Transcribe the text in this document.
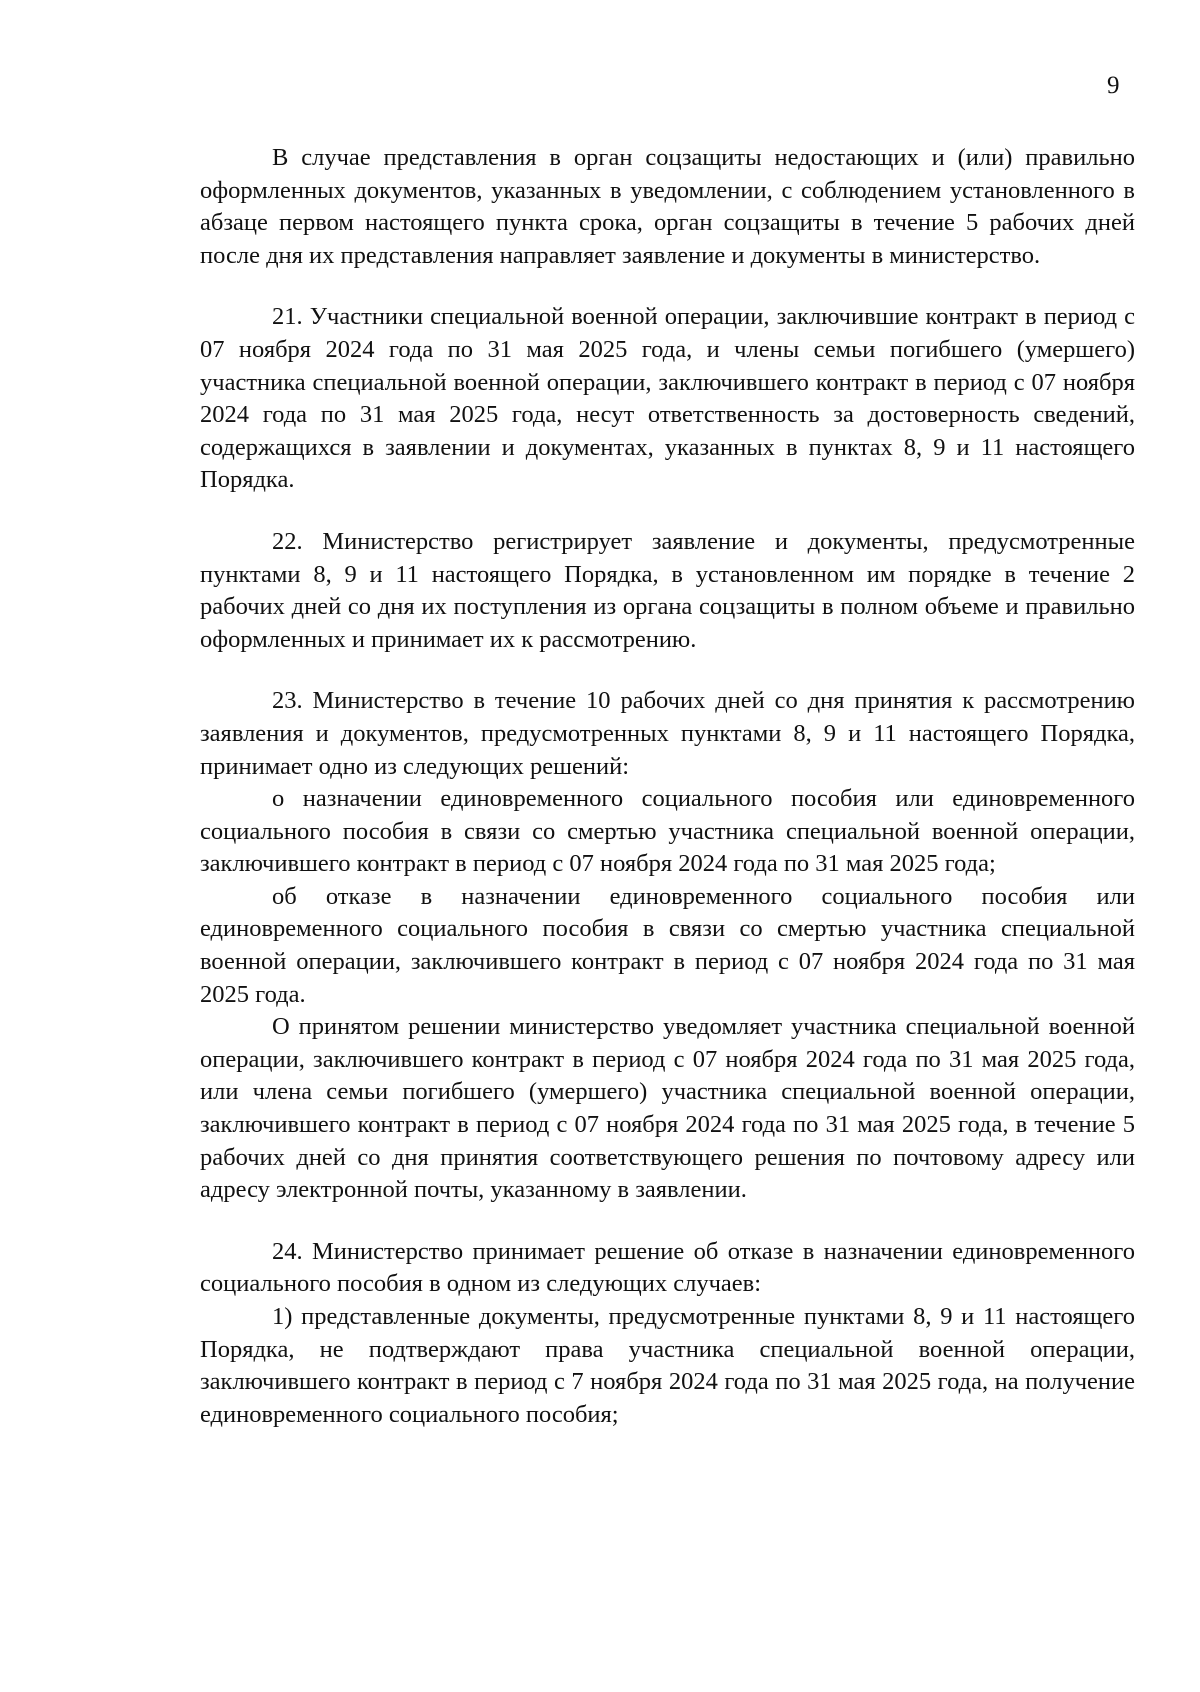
9

В случае представления в орган соцзащиты недостающих и (или) правильно оформленных документов, указанных в уведомлении, с соблюдением установленного в абзаце первом настоящего пункта срока, орган соцзащиты в течение 5 рабочих дней после дня их представления направляет заявление и документы в министерство.

21. Участники специальной военной операции, заключившие контракт в период с 07 ноября 2024 года по 31 мая 2025 года, и члены семьи погибшего (умершего) участника специальной военной операции, заключившего контракт в период с 07 ноября 2024 года по 31 мая 2025 года, несут ответственность за достоверность сведений, содержащихся в заявлении и документах, указанных в пунктах 8, 9 и 11 настоящего Порядка.

22. Министерство регистрирует заявление и документы, предусмотренные пунктами 8, 9 и 11 настоящего Порядка, в установленном им порядке в течение 2 рабочих дней со дня их поступления из органа соцзащиты в полном объеме и правильно оформленных и принимает их к рассмотрению.

23. Министерство в течение 10 рабочих дней со дня принятия к рассмотрению заявления и документов, предусмотренных пунктами 8, 9 и 11 настоящего Порядка, принимает одно из следующих решений:

о назначении единовременного социального пособия или единовременного социального пособия в связи со смертью участника специальной военной операции, заключившего контракт в период с 07 ноября 2024 года по 31 мая 2025 года;

об отказе в назначении единовременного социального пособия или единовременного социального пособия в связи со смертью участника специальной военной операции, заключившего контракт в период с 07 ноября 2024 года по 31 мая 2025 года.

О принятом решении министерство уведомляет участника специальной военной операции, заключившего контракт в период с 07 ноября 2024 года по 31 мая 2025 года, или члена семьи погибшего (умершего) участника специальной военной операции, заключившего контракт в период с 07 ноября 2024 года по 31 мая 2025 года, в течение 5 рабочих дней со дня принятия соответствующего решения по почтовому адресу или адресу электронной почты, указанному в заявлении.

24. Министерство принимает решение об отказе в назначении единовременного социального пособия в одном из следующих случаев:

1) представленные документы, предусмотренные пунктами 8, 9 и 11 настоящего Порядка, не подтверждают права участника специальной военной операции, заключившего контракт в период с 7 ноября 2024 года по 31 мая 2025 года, на получение единовременного социального пособия;
